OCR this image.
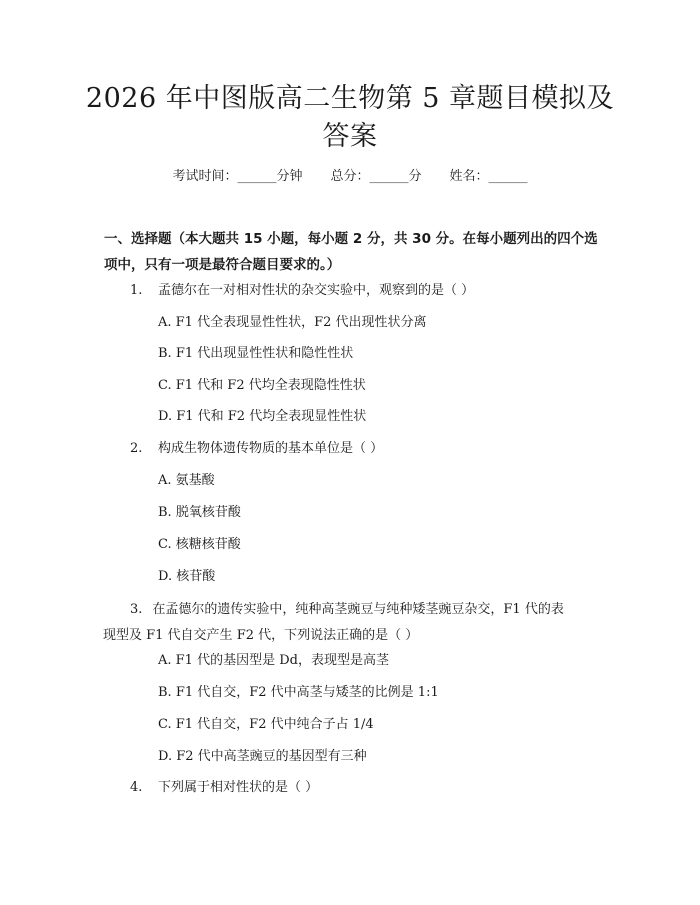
2026 年中图版高二生物第 5 章题目模拟及答案
考试时间：______分钟 总分：______分 姓名：______
一、选择题（本大题共 15 小题，每小题 2 分，共 30 分。在每小题列出的四个选项中，只有一项是最符合题目要求的。）
1. 孟德尔在一对相对性状的杂交实验中，观察到的是（ ）
A. F1 代全表现显性性状，F2 代出现性状分离
B. F1 代出现显性性状和隐性性状
C. F1 代和 F2 代均全表现隐性性状
D. F1 代和 F2 代均全表现显性性状
2. 构成生物体遗传物质的基本单位是（ ）
A. 氨基酸
B. 脱氧核苷酸
C. 核糖核苷酸
D. 核苷酸
3. 在孟德尔的遗传实验中，纯种高茎豌豆与纯种矮茎豌豆杂交，F1 代的表
现型及 F1 代自交产生 F2 代，下列说法正确的是（ ）
A. F1 代的基因型是 Dd，表现型是高茎
B. F1 代自交，F2 代中高茎与矮茎的比例是 1:1
C. F1 代自交，F2 代中纯合子占 1/4
D. F2 代中高茎豌豆的基因型有三种
4. 下列属于相对性状的是（ ）
